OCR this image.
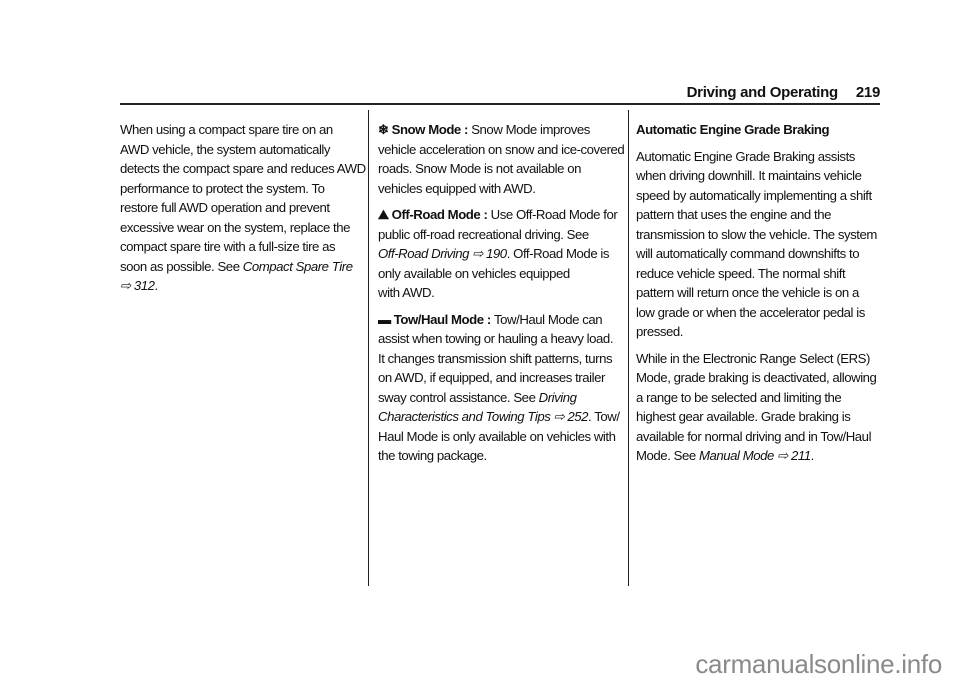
Driving and Operating 219
When using a compact spare tire on an
AWD vehicle, the system automatically
detects the compact spare and reduces AWD
performance to protect the system. To
restore full AWD operation and prevent
excessive wear on the system, replace the
compact spare tire with a full-size tire as
soon as possible. See Compact Spare Tire
⇨ 312.
❄ Snow Mode : Snow Mode improves
vehicle acceleration on snow and ice-covered
roads. Snow Mode is not available on
vehicles equipped with AWD.
⛰ Off-Road Mode : Use Off-Road Mode for
public off-road recreational driving. See
Off-Road Driving ⇨ 190. Off-Road Mode is
only available on vehicles equipped
with AWD.
▬ Tow/Haul Mode : Tow/Haul Mode can
assist when towing or hauling a heavy load.
It changes transmission shift patterns, turns
on AWD, if equipped, and increases trailer
sway control assistance. See Driving
Characteristics and Towing Tips ⇨ 252. Tow/
Haul Mode is only available on vehicles with
the towing package.
Automatic Engine Grade Braking
Automatic Engine Grade Braking assists
when driving downhill. It maintains vehicle
speed by automatically implementing a shift
pattern that uses the engine and the
transmission to slow the vehicle. The system
will automatically command downshifts to
reduce vehicle speed. The normal shift
pattern will return once the vehicle is on a
low grade or when the accelerator pedal is
pressed.
While in the Electronic Range Select (ERS)
Mode, grade braking is deactivated, allowing
a range to be selected and limiting the
highest gear available. Grade braking is
available for normal driving and in Tow/Haul
Mode. See Manual Mode ⇨ 211.
carmanualsonline.info
